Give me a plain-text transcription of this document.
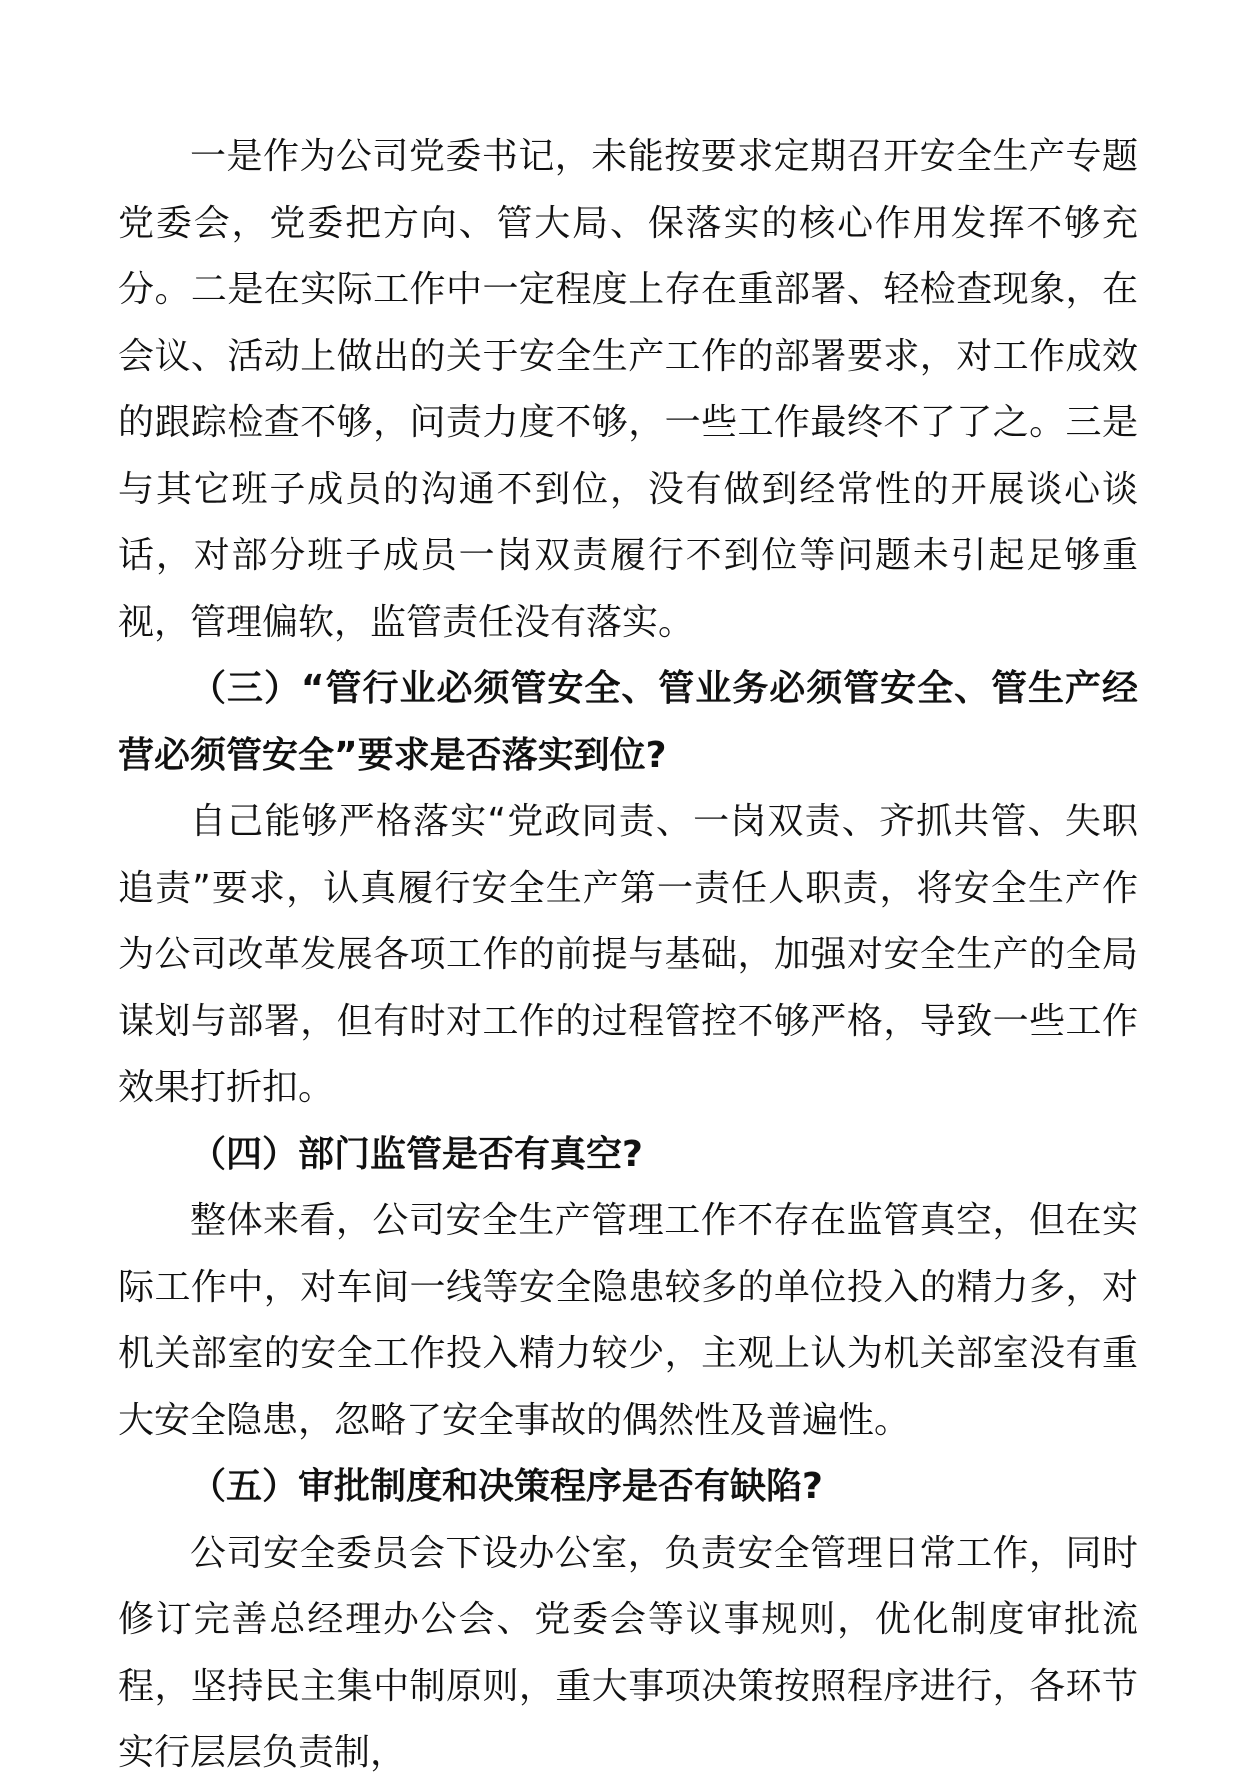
一是作为公司党委书记，未能按要求定期召开安全生产专题党委会，党委把方向、管大局、保落实的核心作用发挥不够充分。二是在实际工作中一定程度上存在重部署、轻检查现象，在会议、活动上做出的关于安全生产工作的部署要求，对工作成效的跟踪检查不够，问责力度不够，一些工作最终不了了之。三是与其它班子成员的沟通不到位，没有做到经常性的开展谈心谈话，对部分班子成员一岗双责履行不到位等问题未引起足够重视，管理偏软，监管责任没有落实。

（三）“管行业必须管安全、管业务必须管安全、管生产经营必须管安全”要求是否落实到位?

自己能够严格落实“党政同责、一岗双责、齐抓共管、失职追责”要求，认真履行安全生产第一责任人职责，将安全生产作为公司改革发展各项工作的前提与基础，加强对安全生产的全局谋划与部署，但有时对工作的过程管控不够严格，导致一些工作效果打折扣。

（四）部门监管是否有真空?

整体来看，公司安全生产管理工作不存在监管真空，但在实际工作中，对车间一线等安全隐患较多的单位投入的精力多，对机关部室的安全工作投入精力较少，主观上认为机关部室没有重大安全隐患，忽略了安全事故的偶然性及普遍性。

（五）审批制度和决策程序是否有缺陷?

公司安全委员会下设办公室，负责安全管理日常工作，同时修订完善总经理办公会、党委会等议事规则，优化制度审批流程，坚持民主集中制原则，重大事项决策按照程序进行，各环节实行层层负责制，
